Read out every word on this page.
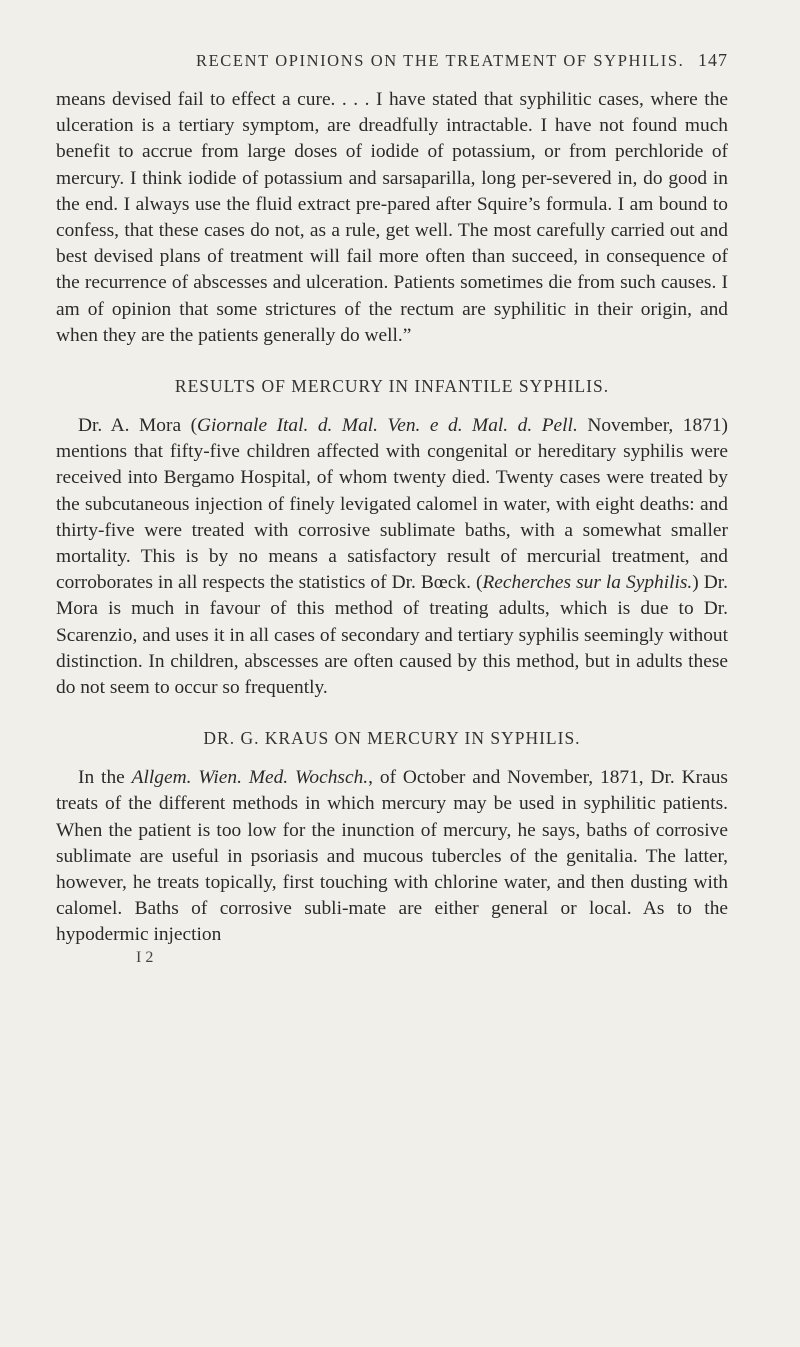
RECENT OPINIONS ON THE TREATMENT OF SYPHILIS. 147

means devised fail to effect a cure. . . . I have stated that syphilitic cases, where the ulceration is a tertiary symptom, are dreadfully intractable. I have not found much benefit to accrue from large doses of iodide of potassium, or from perchloride of mercury. I think iodide of potassium and sarsaparilla, long per-severed in, do good in the end. I always use the fluid extract pre-pared after Squire’s formula. I am bound to confess, that these cases do not, as a rule, get well. The most carefully carried out and best devised plans of treatment will fail more often than succeed, in consequence of the recurrence of abscesses and ulceration. Patients sometimes die from such causes. I am of opinion that some strictures of the rectum are syphilitic in their origin, and when they are the patients generally do well.”

RESULTS OF MERCURY IN INFANTILE SYPHILIS.

Dr. A. Mora (Giornale Ital. d. Mal. Ven. e d. Mal. d. Pell. November, 1871) mentions that fifty-five children affected with congenital or hereditary syphilis were received into Bergamo Hospital, of whom twenty died. Twenty cases were treated by the subcutaneous injection of finely levigated calomel in water, with eight deaths: and thirty-five were treated with corrosive sublimate baths, with a somewhat smaller mortality. This is by no means a satisfactory result of mercurial treatment, and corroborates in all respects the statistics of Dr. Bœck. (Recherches sur la Syphilis.) Dr. Mora is much in favour of this method of treating adults, which is due to Dr. Scarenzio, and uses it in all cases of secondary and tertiary syphilis seemingly without distinction. In children, abscesses are often caused by this method, but in adults these do not seem to occur so frequently.

DR. G. KRAUS ON MERCURY IN SYPHILIS.

In the Allgem. Wien. Med. Wochsch., of October and November, 1871, Dr. Kraus treats of the different methods in which mercury may be used in syphilitic patients. When the patient is too low for the inunction of mercury, he says, baths of corrosive sublimate are useful in psoriasis and mucous tubercles of the genitalia. The latter, however, he treats topically, first touching with chlorine water, and then dusting with calomel. Baths of corrosive subli-mate are either general or local. As to the hypodermic injection

I 2
